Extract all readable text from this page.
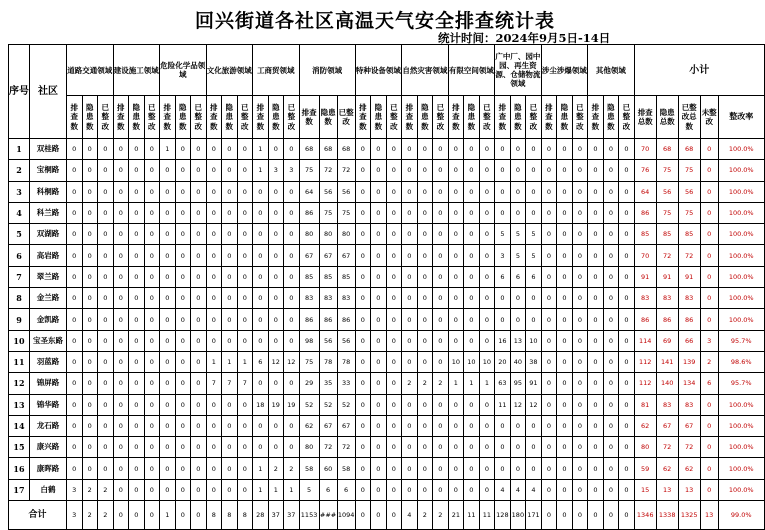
回兴街道各社区高温天气安全排查统计表
统计时间：2024年9月5日-14日
序号	社区	道路交通领域			建设施工领域			危险化学品领域			文化旅游领域			工商贸领域			消防领域			特种设备领域			自然灾害领域			有限空间领域			广中厂、园中园、再生资源、仓储物流领域			涉尘涉爆领域			其他领域			小计				
		排查数	隐患数	已整改	排查数	隐患数	已整改	排查数	隐患数	已整改	排查数	隐患数	已整改	排查数	隐患数	已整改	排查数	隐患数	已整改	排查数	隐患数	已整改	排查数	隐患数	已整改	排查数	隐患数	已整改	排查数	隐患数	已整改	排查数	隐患数	已整改	排查数	隐患数	已整改	排查总数	隐患总数	已整改总数	未整改	整改率
1	双桂路	0	0	0	0	0	0	1	0	0	0	0	0	1	0	0	68	68	68	0	0	0	0	0	0	0	0	0	0	0	0	0	0	0	0	0	0	70	68	68	0	100.0%
2	宝桐路	0	0	0	0	0	0	0	0	0	0	0	0	1	3	3	75	72	72	0	0	0	0	0	0	0	0	0	0	0	0	0	0	0	0	0	0	76	75	75	0	100.0%
3	科桐路	0	0	0	0	0	0	0	0	0	0	0	0	0	0	0	64	56	56	0	0	0	0	0	0	0	0	0	0	0	0	0	0	0	0	0	0	64	56	56	0	100.0%
4	科兰路	0	0	0	0	0	0	0	0	0	0	0	0	0	0	0	86	75	75	0	0	0	0	0	0	0	0	0	0	0	0	0	0	0	0	0	0	86	75	75	0	100.0%
5	双湖路	0	0	0	0	0	0	0	0	0	0	0	0	0	0	0	80	80	80	0	0	0	0	0	0	0	0	0	5	5	5	0	0	0	0	0	0	85	85	85	0	100.0%
6	高岩路	0	0	0	0	0	0	0	0	0	0	0	0	0	0	0	67	67	67	0	0	0	0	0	0	0	0	0	3	5	5	0	0	0	0	0	0	70	72	72	0	100.0%
7	翠兰路	0	0	0	0	0	0	0	0	0	0	0	0	0	0	0	85	85	85	0	0	0	0	0	0	0	0	0	6	6	6	0	0	0	0	0	0	91	91	91	0	100.0%
8	金兰路	0	0	0	0	0	0	0	0	0	0	0	0	0	0	0	83	83	83	0	0	0	0	0	0	0	0	0	0	0	0	0	0	0	0	0	0	83	83	83	0	100.0%
9	金凯路	0	0	0	0	0	0	0	0	0	0	0	0	0	0	0	86	86	86	0	0	0	0	0	0	0	0	0	0	0	0	0	0	0	0	0	0	86	86	86	0	100.0%
10	宝圣东路	0	0	0	0	0	0	0	0	0	0	0	0	0	0	0	98	56	56	0	0	0	0	0	0	0	0	0	16	13	10	0	0	0	0	0	0	114	69	66	3	95.7%
11	羽蓝路	0	0	0	0	0	0	0	0	0	1	1	1	6	12	12	75	78	78	0	0	0	0	0	0	10	10	10	20	40	38	0	0	0	0	0	0	112	141	139	2	98.6%
12	锦屏路	0	0	0	0	0	0	0	0	0	7	7	7	0	0	0	29	35	33	0	0	0	2	2	2	1	1	1	63	95	91	0	0	0	0	0	0	112	140	134	6	95.7%
13	锦华路	0	0	0	0	0	0	0	0	0	0	0	0	18	19	19	52	52	52	0	0	0	0	0	0	0	0	0	11	12	12	0	0	0	0	0	0	81	83	83	0	100.0%
14	龙石路	0	0	0	0	0	0	0	0	0	0	0	0	0	0	0	62	67	67	0	0	0	0	0	0	0	0	0	0	0	0	0	0	0	0	0	0	62	67	67	0	100.0%
15	康兴路	0	0	0	0	0	0	0	0	0	0	0	0	0	0	0	80	72	72	0	0	0	0	0	0	0	0	0	0	0	0	0	0	0	0	0	0	80	72	72	0	100.0%
16	康晖路	0	0	0	0	0	0	0	0	0	0	0	0	1	2	2	58	60	58	0	0	0	0	0	0	0	0	0	0	0	0	0	0	0	0	0	0	59	62	62	0	100.0%
17	白鹤	3	2	2	0	0	0	0	0	0	0	0	0	1	1	1	5	6	6	0	0	0	0	0	0	0	0	0	4	4	4	0	0	0	0	0	0	15	13	13	0	100.0%
合计		3	2	2	0	0	0	1	0	0	8	8	8	28	37	37	1153	###	1094	0	0	0	4	2	2	21	11	11	128	180	171	0	0	0	0	0	0	1346	1338	1325	13	99.0%
